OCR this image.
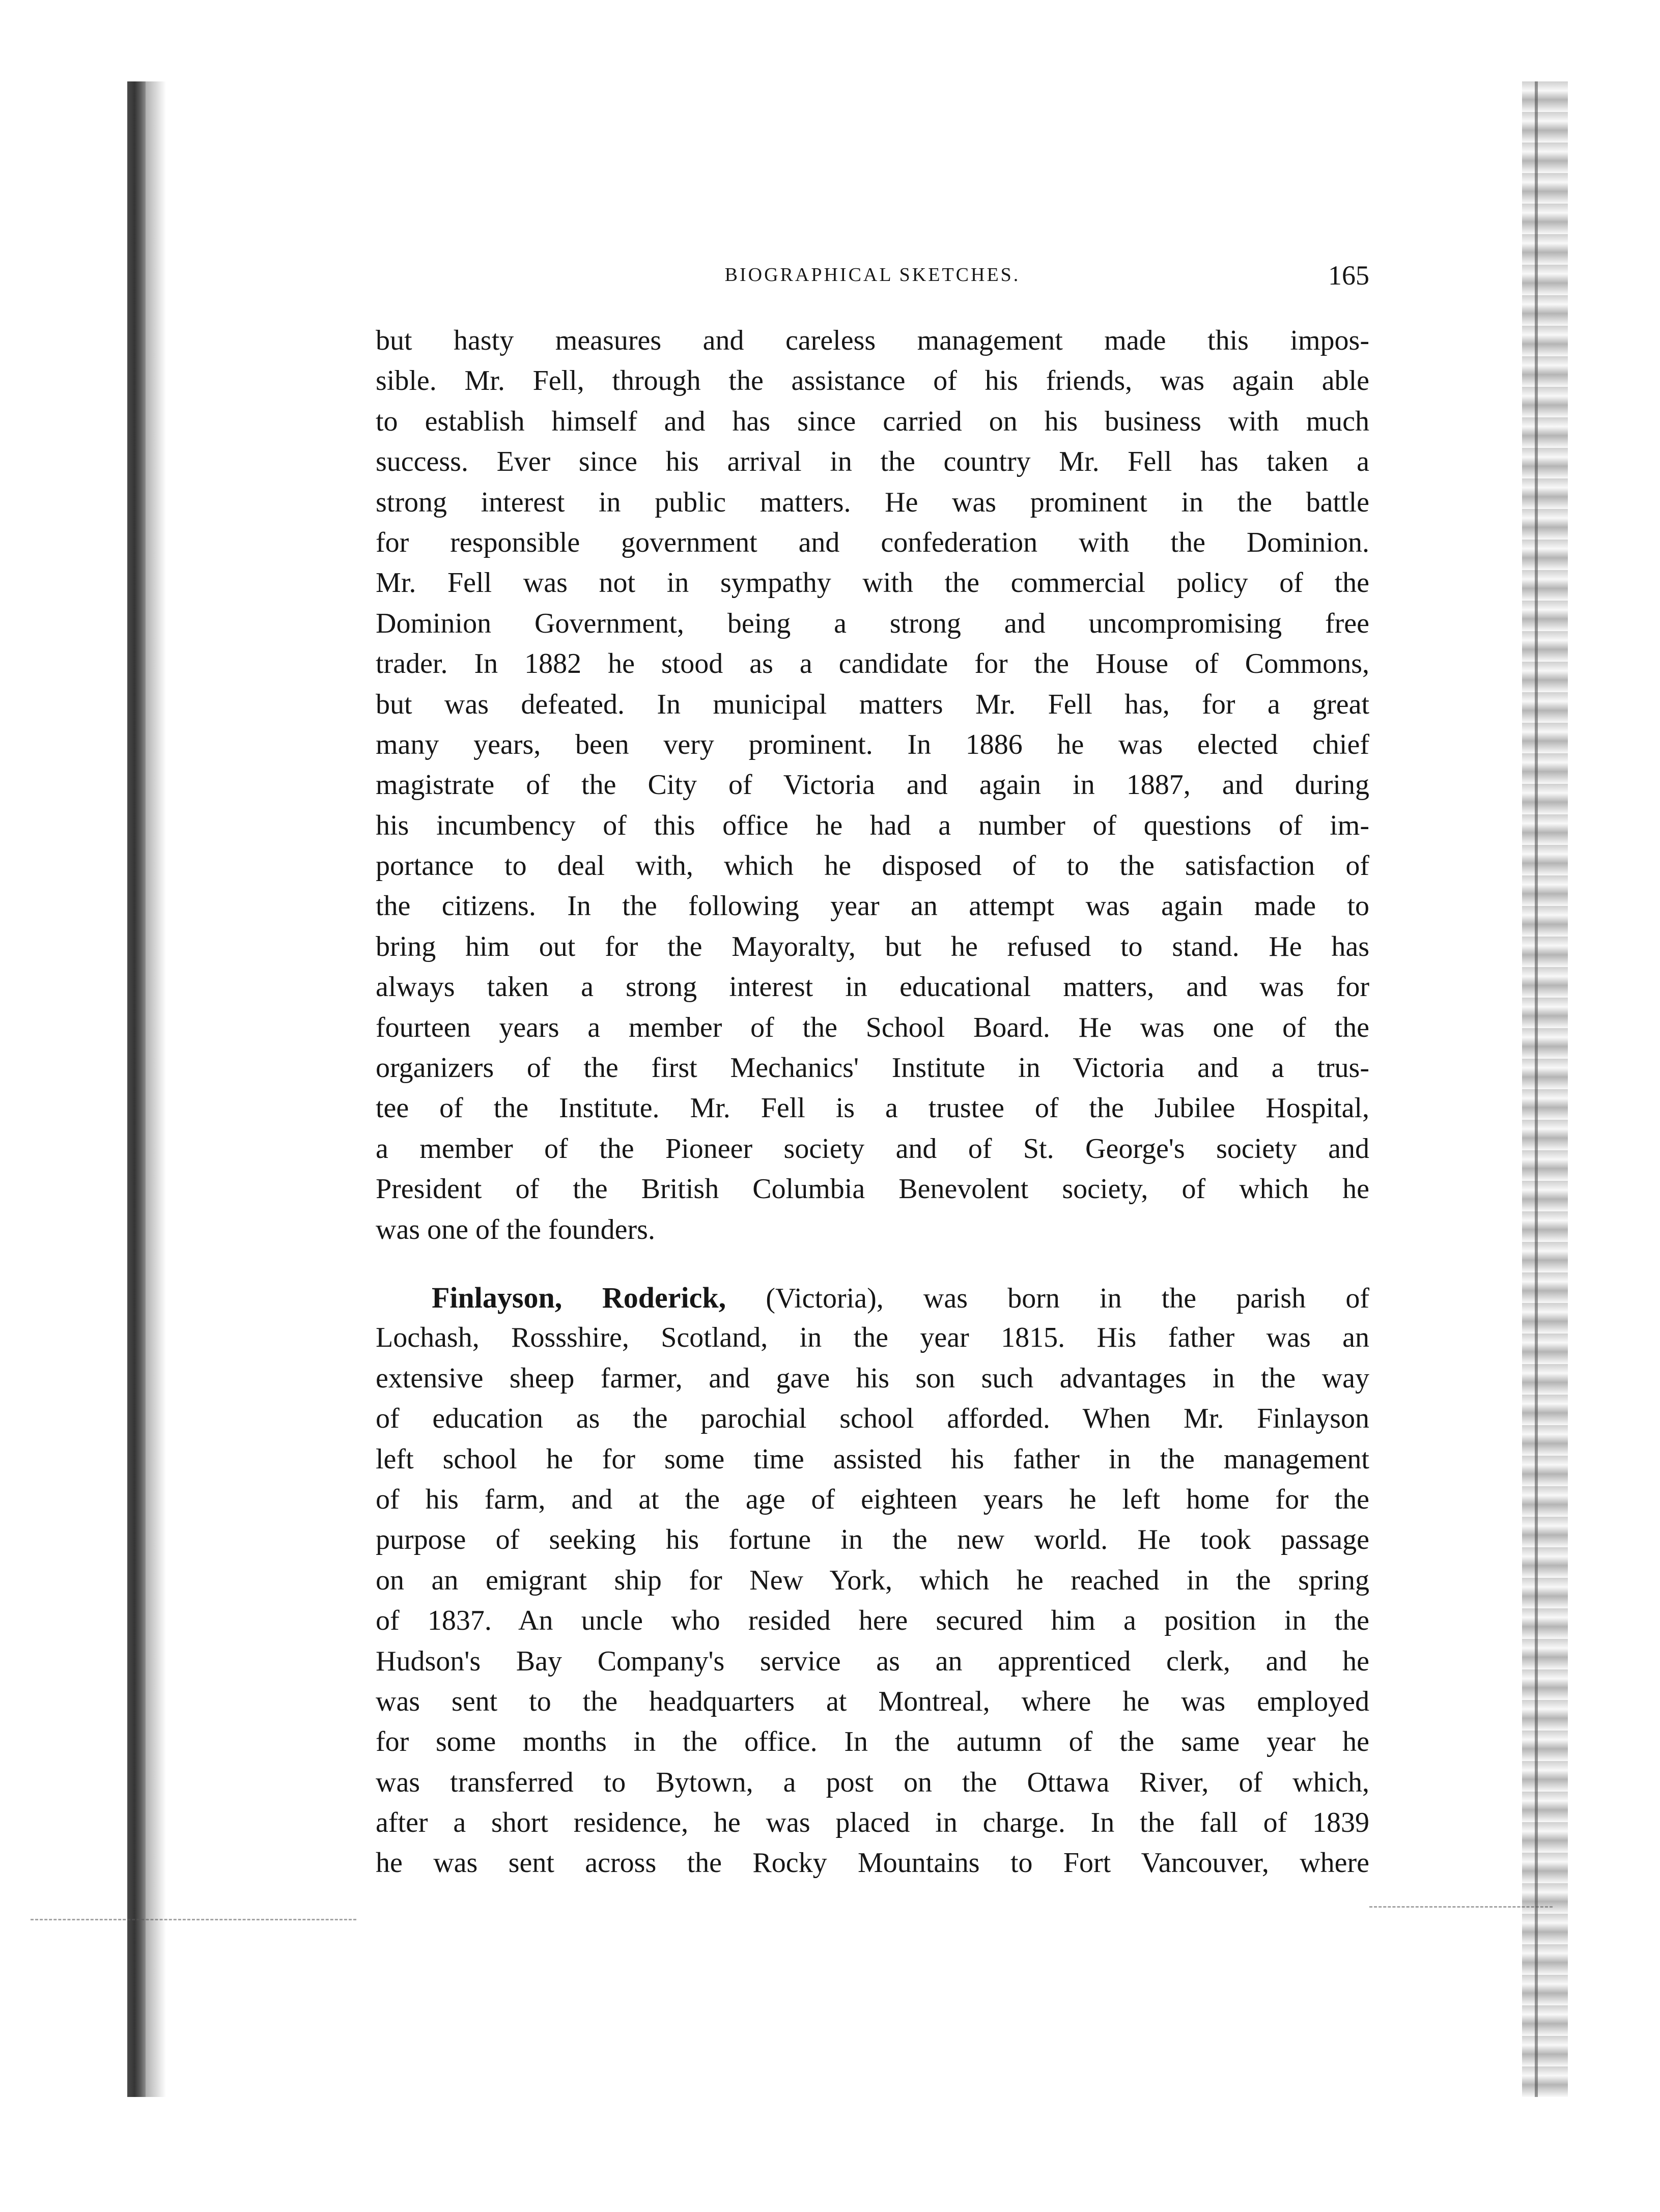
BIOGRAPHICAL SKETCHES.	165
but hasty measures and careless management made this impos-
sible. Mr. Fell, through the assistance of his friends, was again able
to establish himself and has since carried on his business with much
success. Ever since his arrival in the country Mr. Fell has taken a
strong interest in public matters. He was prominent in the battle
for responsible government and confederation with the Dominion.
Mr. Fell was not in sympathy with the commercial policy of the
Dominion Government, being a strong and uncompromising free
trader. In 1882 he stood as a candidate for the House of Commons,
but was defeated. In municipal matters Mr. Fell has, for a great
many years, been very prominent. In 1886 he was elected chief
magistrate of the City of Victoria and again in 1887, and during
his incumbency of this office he had a number of questions of im-
portance to deal with, which he disposed of to the satisfaction of
the citizens. In the following year an attempt was again made to
bring him out for the Mayoralty, but he refused to stand. He has
always taken a strong interest in educational matters, and was for
fourteen years a member of the School Board. He was one of the
organizers of the first Mechanics' Institute in Victoria and a trus-
tee of the Institute. Mr. Fell is a trustee of the Jubilee Hospital,
a member of the Pioneer society and of St. George's society and
President of the British Columbia Benevolent society, of which he
was one of the founders.
Finlayson, Roderick, (Victoria), was born in the parish of
Lochash, Rossshire, Scotland, in the year 1815. His father was an
extensive sheep farmer, and gave his son such advantages in the way
of education as the parochial school afforded. When Mr. Finlayson
left school he for some time assisted his father in the management
of his farm, and at the age of eighteen years he left home for the
purpose of seeking his fortune in the new world. He took passage
on an emigrant ship for New York, which he reached in the spring
of 1837. An uncle who resided here secured him a position in the
Hudson's Bay Company's service as an apprenticed clerk, and he
was sent to the headquarters at Montreal, where he was employed
for some months in the office. In the autumn of the same year he
was transferred to Bytown, a post on the Ottawa River, of which,
after a short residence, he was placed in charge. In the fall of 1839
he was sent across the Rocky Mountains to Fort Vancouver, where
